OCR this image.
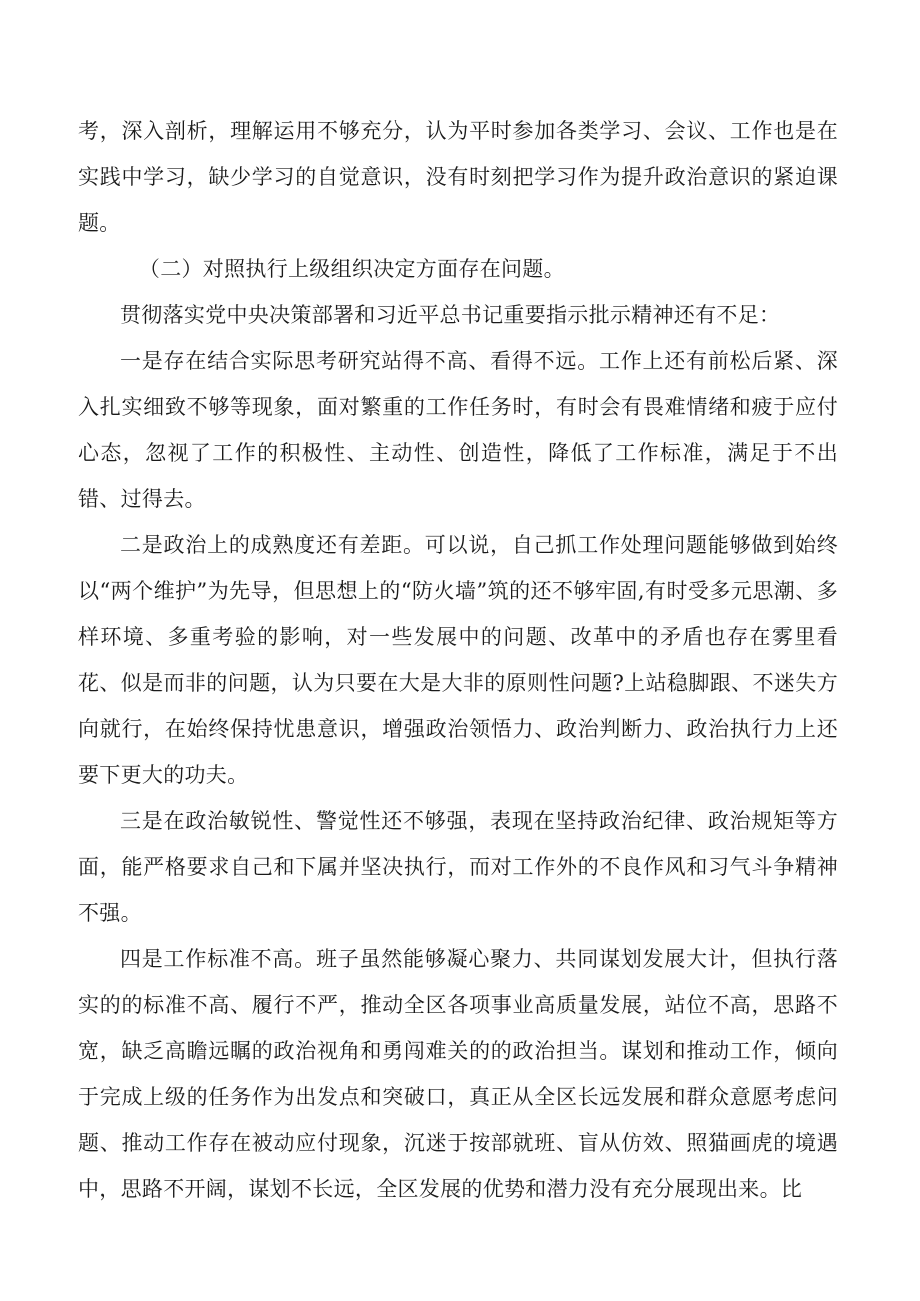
考，深入剖析，理解运用不够充分，认为平时参加各类学习、会议、工作也是在实践中学习，缺少学习的自觉意识，没有时刻把学习作为提升政治意识的紧迫课题。

（二）对照执行上级组织决定方面存在问题。

贯彻落实党中央决策部署和习近平总书记重要指示批示精神还有不足：

一是存在结合实际思考研究站得不高、看得不远。工作上还有前松后紧、深入扎实细致不够等现象，面对繁重的工作任务时，有时会有畏难情绪和疲于应付心态，忽视了工作的积极性、主动性、创造性，降低了工作标准，满足于不出错、过得去。

二是政治上的成熟度还有差距。可以说，自己抓工作处理问题能够做到始终以“两个维护”为先导，但思想上的“防火墙”筑的还不够牢固,有时受多元思潮、多样环境、多重考验的影响，对一些发展中的问题、改革中的矛盾也存在雾里看花、似是而非的问题，认为只要在大是大非的原则性问题?上站稳脚跟、不迷失方向就行，在始终保持忧患意识，增强政治领悟力、政治判断力、政治执行力上还要下更大的功夫。

三是在政治敏锐性、警觉性还不够强，表现在坚持政治纪律、政治规矩等方面，能严格要求自己和下属并坚决执行，而对工作外的不良作风和习气斗争精神不强。

四是工作标准不高。班子虽然能够凝心聚力、共同谋划发展大计，但执行落实的的标准不高、履行不严，推动全区各项事业高质量发展，站位不高，思路不宽，缺乏高瞻远瞩的政治视角和勇闯难关的的政治担当。谋划和推动工作，倾向于完成上级的任务作为出发点和突破口，真正从全区长远发展和群众意愿考虑问题、推动工作存在被动应付现象，沉迷于按部就班、盲从仿效、照猫画虎的境遇中，思路不开阔，谋划不长远，全区发展的优势和潜力没有充分展现出来。比
